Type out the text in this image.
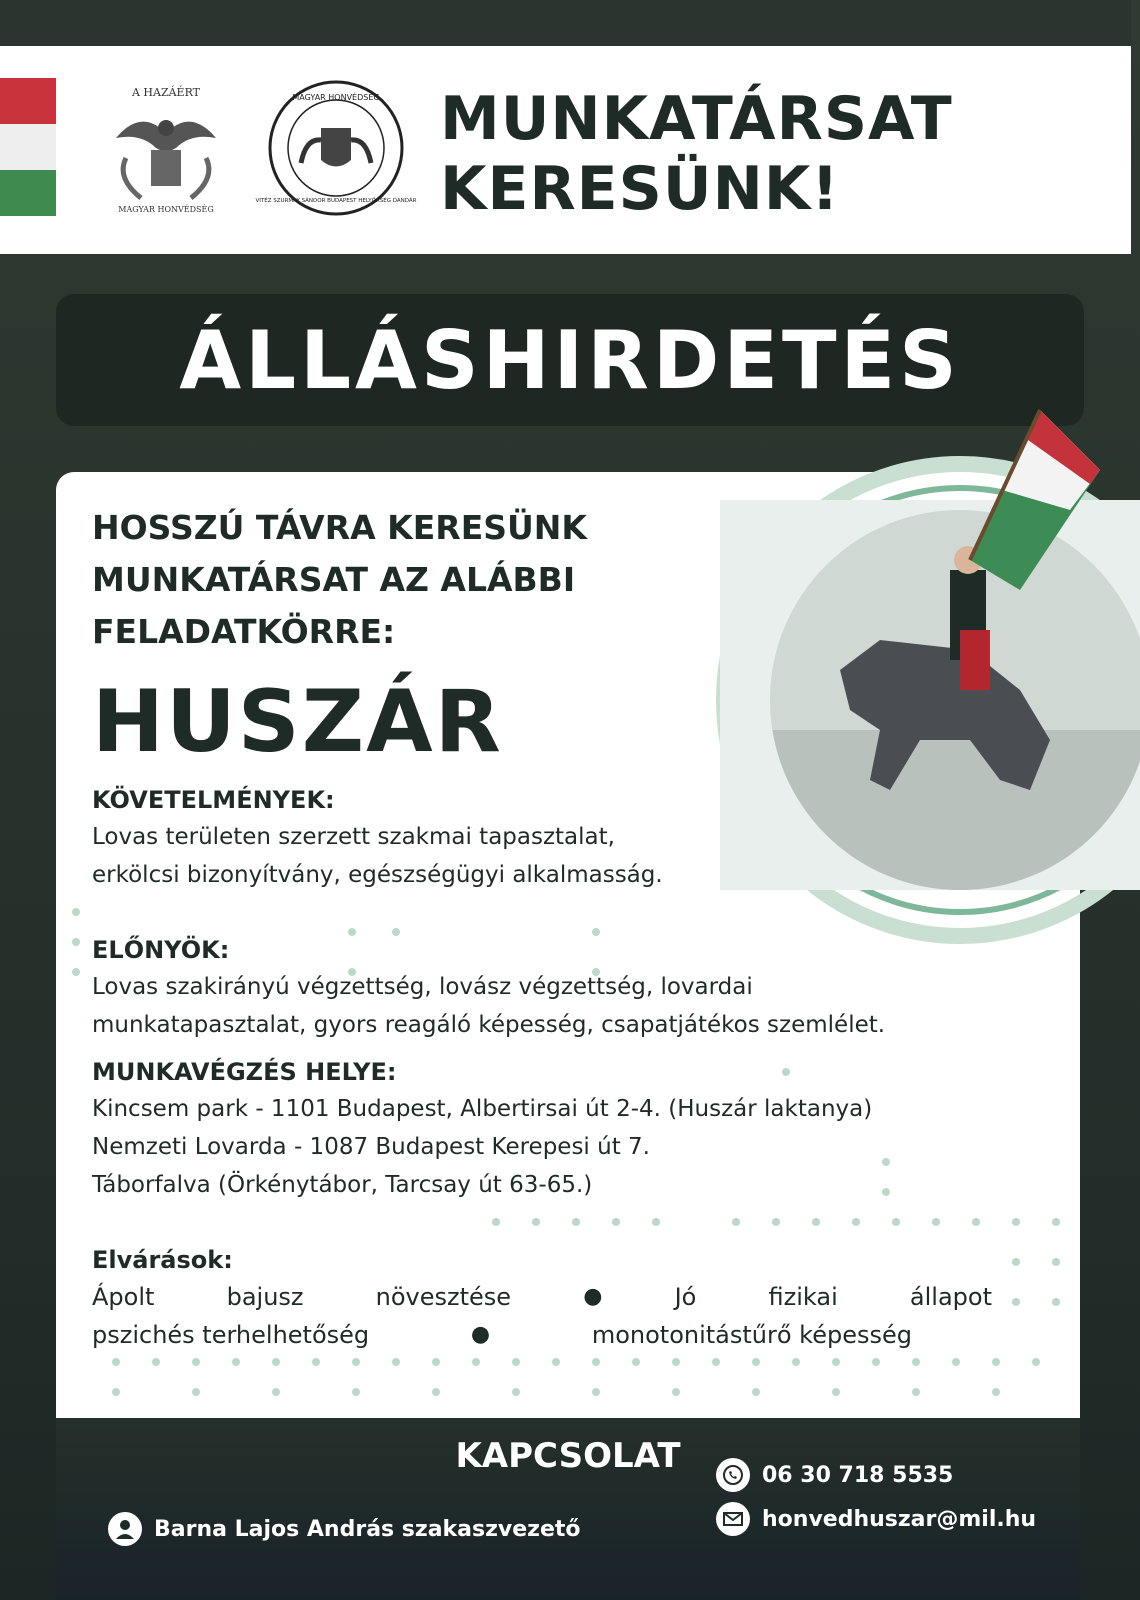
A HAZÁÉRT
MAGYAR HONVÉDSÉG
MAGYAR HONVÉDSÉG
VITÉZ SZURMAY SÁNDOR BUDAPEST HELYŐRSÉG DANDÁR
MUNKATÁRSAT
KERESÜNK!
ÁLLÁSHIRDETÉS
HOSSZÚ TÁVRA KERESÜNK
MUNKATÁRSAT AZ ALÁBBI
FELADATKÖRRE:
HUSZÁR
KÖVETELMÉNYEK:
Lovas területen szerzett szakmai tapasztalat,
erkölcsi bizonyítvány, egészségügyi alkalmasság.
ELŐNYÖK:
Lovas szakirányú végzettség, lovász végzettség, lovardai
munkatapasztalat, gyors reagáló képesség, csapatjátékos szemlélet.
MUNKAVÉGZÉS HELYE:
Kincsem park - 1101 Budapest, Albertirsai út 2-4. (Huszár laktanya)
Nemzeti Lovarda - 1087 Budapest Kerepesi út 7.
Táborfalva (Örkénytábor, Tarcsay út 63-65.)
Elvárások:
Ápolt	bajusz	növesztése	●	Jó	fizikai	állapot
pszichés terhelhetőség	●	monotonitástűrő képesség
KAPCSOLAT
Barna Lajos András szakaszvezető
06 30 718 5535
honvedhuszar@mil.hu
